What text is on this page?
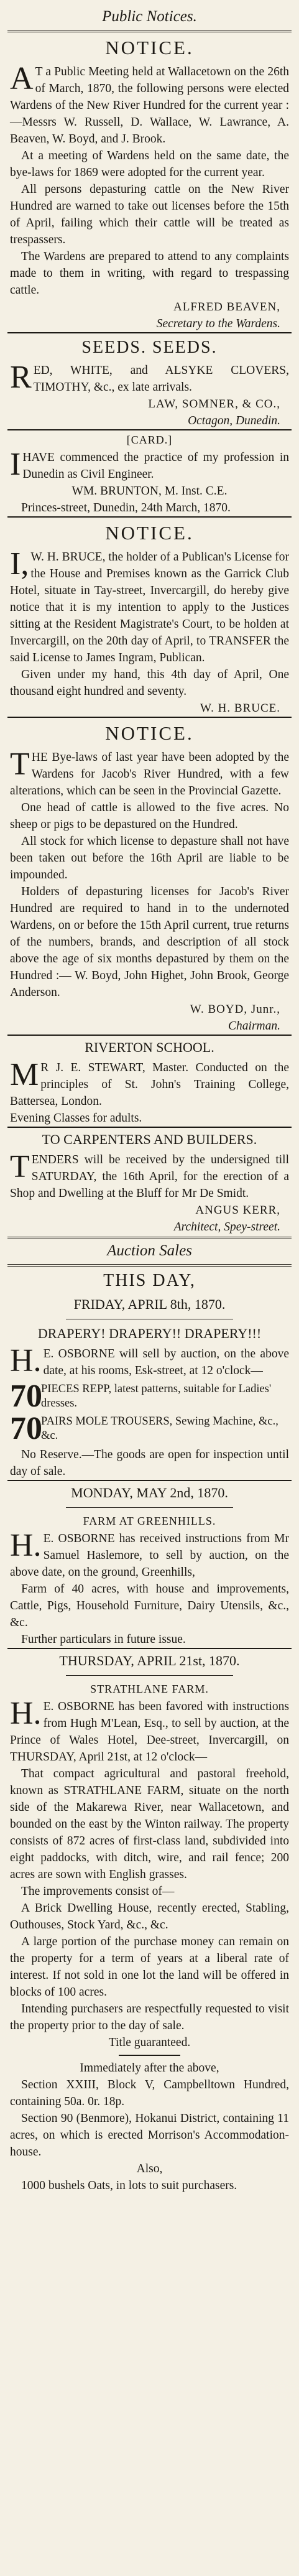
Public Notices.
NOTICE.

AT a Public Meeting held at Wallacetown on the 26th of March, 1870, the following persons were elected Wardens of the New River Hundred for the current year :—Messrs W. Russell, D. Wallace, W. Lawrance, A. Beaven, W. Boyd, and J. Brook.

At a meeting of Wardens held on the same date, the bye-laws for 1869 were adopted for the current year.

All persons depasturing cattle on the New River Hundred are warned to take out licenses before the 15th of April, failing which their cattle will be treated as trespassers.

The Wardens are prepared to attend to any complaints made to them in writing, with regard to trespassing cattle.

ALFRED BEAVEN,

Secretary to the Wardens.

SEEDS. SEEDS.

RED, WHITE, and ALSYKE CLOVERS, TIMOTHY, &c., ex late arrivals.

LAW, SOMNER, & CO.,

Octagon, Dunedin.

[CARD.]

IHAVE commenced the practice of my profession in Dunedin as Civil Engineer.

WM. BRUNTON, M. Inst. C.E.

Princes-street, Dunedin, 24th March, 1870.

NOTICE.

I,W. H. BRUCE, the holder of a Publican's License for the House and Premises known as the Garrick Club Hotel, situate in Tay-street, Invercargill, do hereby give notice that it is my intention to apply to the Justices sitting at the Resident Magistrate's Court, to be holden at Invercargill, on the 20th day of April, to TRANSFER the said License to James Ingram, Publican.

Given under my hand, this 4th day of April, One thousand eight hundred and seventy.

W. H. BRUCE.

NOTICE.

THE Bye-laws of last year have been adopted by the Wardens for Jacob's River Hundred, with a few alterations, which can be seen in the Provincial Gazette.

One head of cattle is allowed to the five acres. No sheep or pigs to be depastured on the Hundred.

All stock for which license to depasture shall not have been taken out before the 16th April are liable to be impounded.

Holders of depasturing licenses for Jacob's River Hundred are required to hand in to the undernoted Wardens, on or before the 15th April current, true returns of the numbers, brands, and description of all stock above the age of six months depastured by them on the Hundred :— W. Boyd, John Highet, John Brook, George Anderson.

W. BOYD, Junr.,

Chairman.

RIVERTON SCHOOL.

MR J. E. STEWART, Master. Conducted on the principles of St. John's Training College, Battersea, London.

Evening Classes for adults.

TO CARPENTERS AND BUILDERS.

TENDERS will be received by the undersigned till SATURDAY, the 16th April, for the erection of a Shop and Dwelling at the Bluff for Mr De Smidt.

ANGUS KERR,

Architect, Spey-street.

Auction Sales
THIS DAY,
FRIDAY, APRIL 8th, 1870.
DRAPERY! DRAPERY!! DRAPERY!!!

H.E. OSBORNE will sell by auction, on the above date, at his rooms, Esk-street, at 12 o'clock—

70
PIECES REPP, latest patterns, suitable for Ladies' dresses.
70
PAIRS MOLE TROUSERS, Sewing Machine, &c., &c.

No Reserve.—The goods are open for inspection until day of sale.

MONDAY, MAY 2nd, 1870.
FARM AT GREENHILLS.

H.E. OSBORNE has received instructions from Mr Samuel Haslemore, to sell by auction, on the above date, on the ground, Greenhills,

Farm of 40 acres, with house and improvements, Cattle, Pigs, Household Furniture, Dairy Utensils, &c., &c.

Further particulars in future issue.

THURSDAY, APRIL 21st, 1870.
STRATHLANE FARM.

H.E. OSBORNE has been favored with instructions from Hugh M'Lean, Esq., to sell by auction, at the Prince of Wales Hotel, Dee-street, Invercargill, on THURSDAY, April 21st, at 12 o'clock—

That compact agricultural and pastoral freehold, known as STRATHLANE FARM, situate on the north side of the Makarewa River, near Wallacetown, and bounded on the east by the Winton railway. The property consists of 872 acres of first-class land, subdivided into eight paddocks, with ditch, wire, and rail fence; 200 acres are sown with English grasses.

The improvements consist of—

A Brick Dwelling House, recently erected, Stabling, Outhouses, Stock Yard, &c., &c.

A large portion of the purchase money can remain on the property for a term of years at a liberal rate of interest. If not sold in one lot the land will be offered in blocks of 100 acres.

Intending purchasers are respectfully requested to visit the property prior to the day of sale.

Title guaranteed.

Immediately after the above,

Section XXIII, Block V, Campbelltown Hundred, containing 50a. 0r. 18p.

Section 90 (Benmore), Hokanui District, containing 11 acres, on which is erected Morrison's Accommodation-house.

Also,

1000 bushels Oats, in lots to suit purchasers.
